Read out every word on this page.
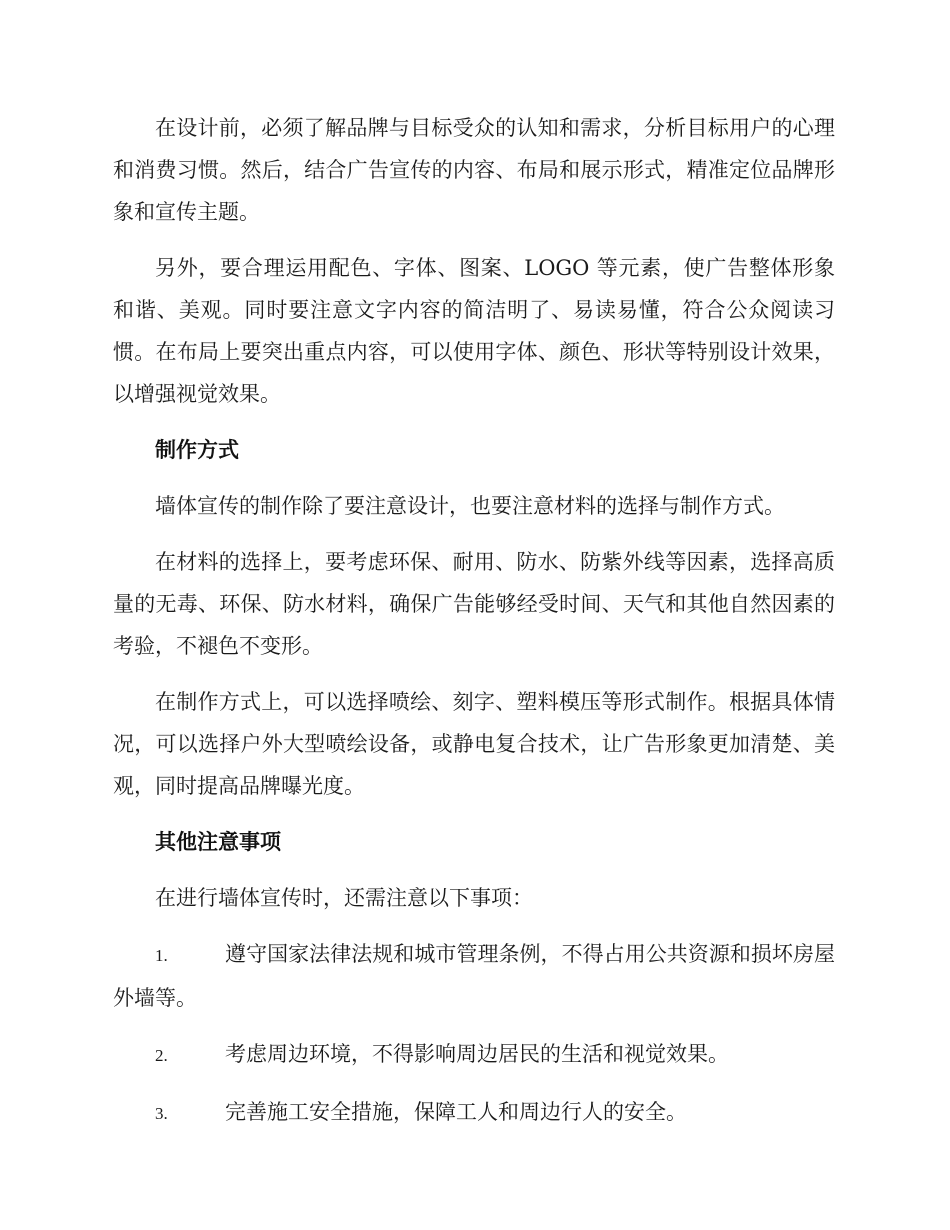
在设计前，必须了解品牌与目标受众的认知和需求，分析目标用户的心理和消费习惯。然后，结合广告宣传的内容、布局和展示形式，精准定位品牌形象和宣传主题。

另外，要合理运用配色、字体、图案、LOGO 等元素，使广告整体形象和谐、美观。同时要注意文字内容的简洁明了、易读易懂，符合公众阅读习惯。在布局上要突出重点内容，可以使用字体、颜色、形状等特别设计效果，以增强视觉效果。

制作方式

墙体宣传的制作除了要注意设计，也要注意材料的选择与制作方式。

在材料的选择上，要考虑环保、耐用、防水、防紫外线等因素，选择高质量的无毒、环保、防水材料，确保广告能够经受时间、天气和其他自然因素的考验，不褪色不变形。

在制作方式上，可以选择喷绘、刻字、塑料模压等形式制作。根据具体情况，可以选择户外大型喷绘设备，或静电复合技术，让广告形象更加清楚、美观，同时提高品牌曝光度。

其他注意事项

在进行墙体宣传时，还需注意以下事项：

1.	遵守国家法律法规和城市管理条例，不得占用公共资源和损坏房屋外墙等。

2.	考虑周边环境，不得影响周边居民的生活和视觉效果。

3.	完善施工安全措施，保障工人和周边行人的安全。
